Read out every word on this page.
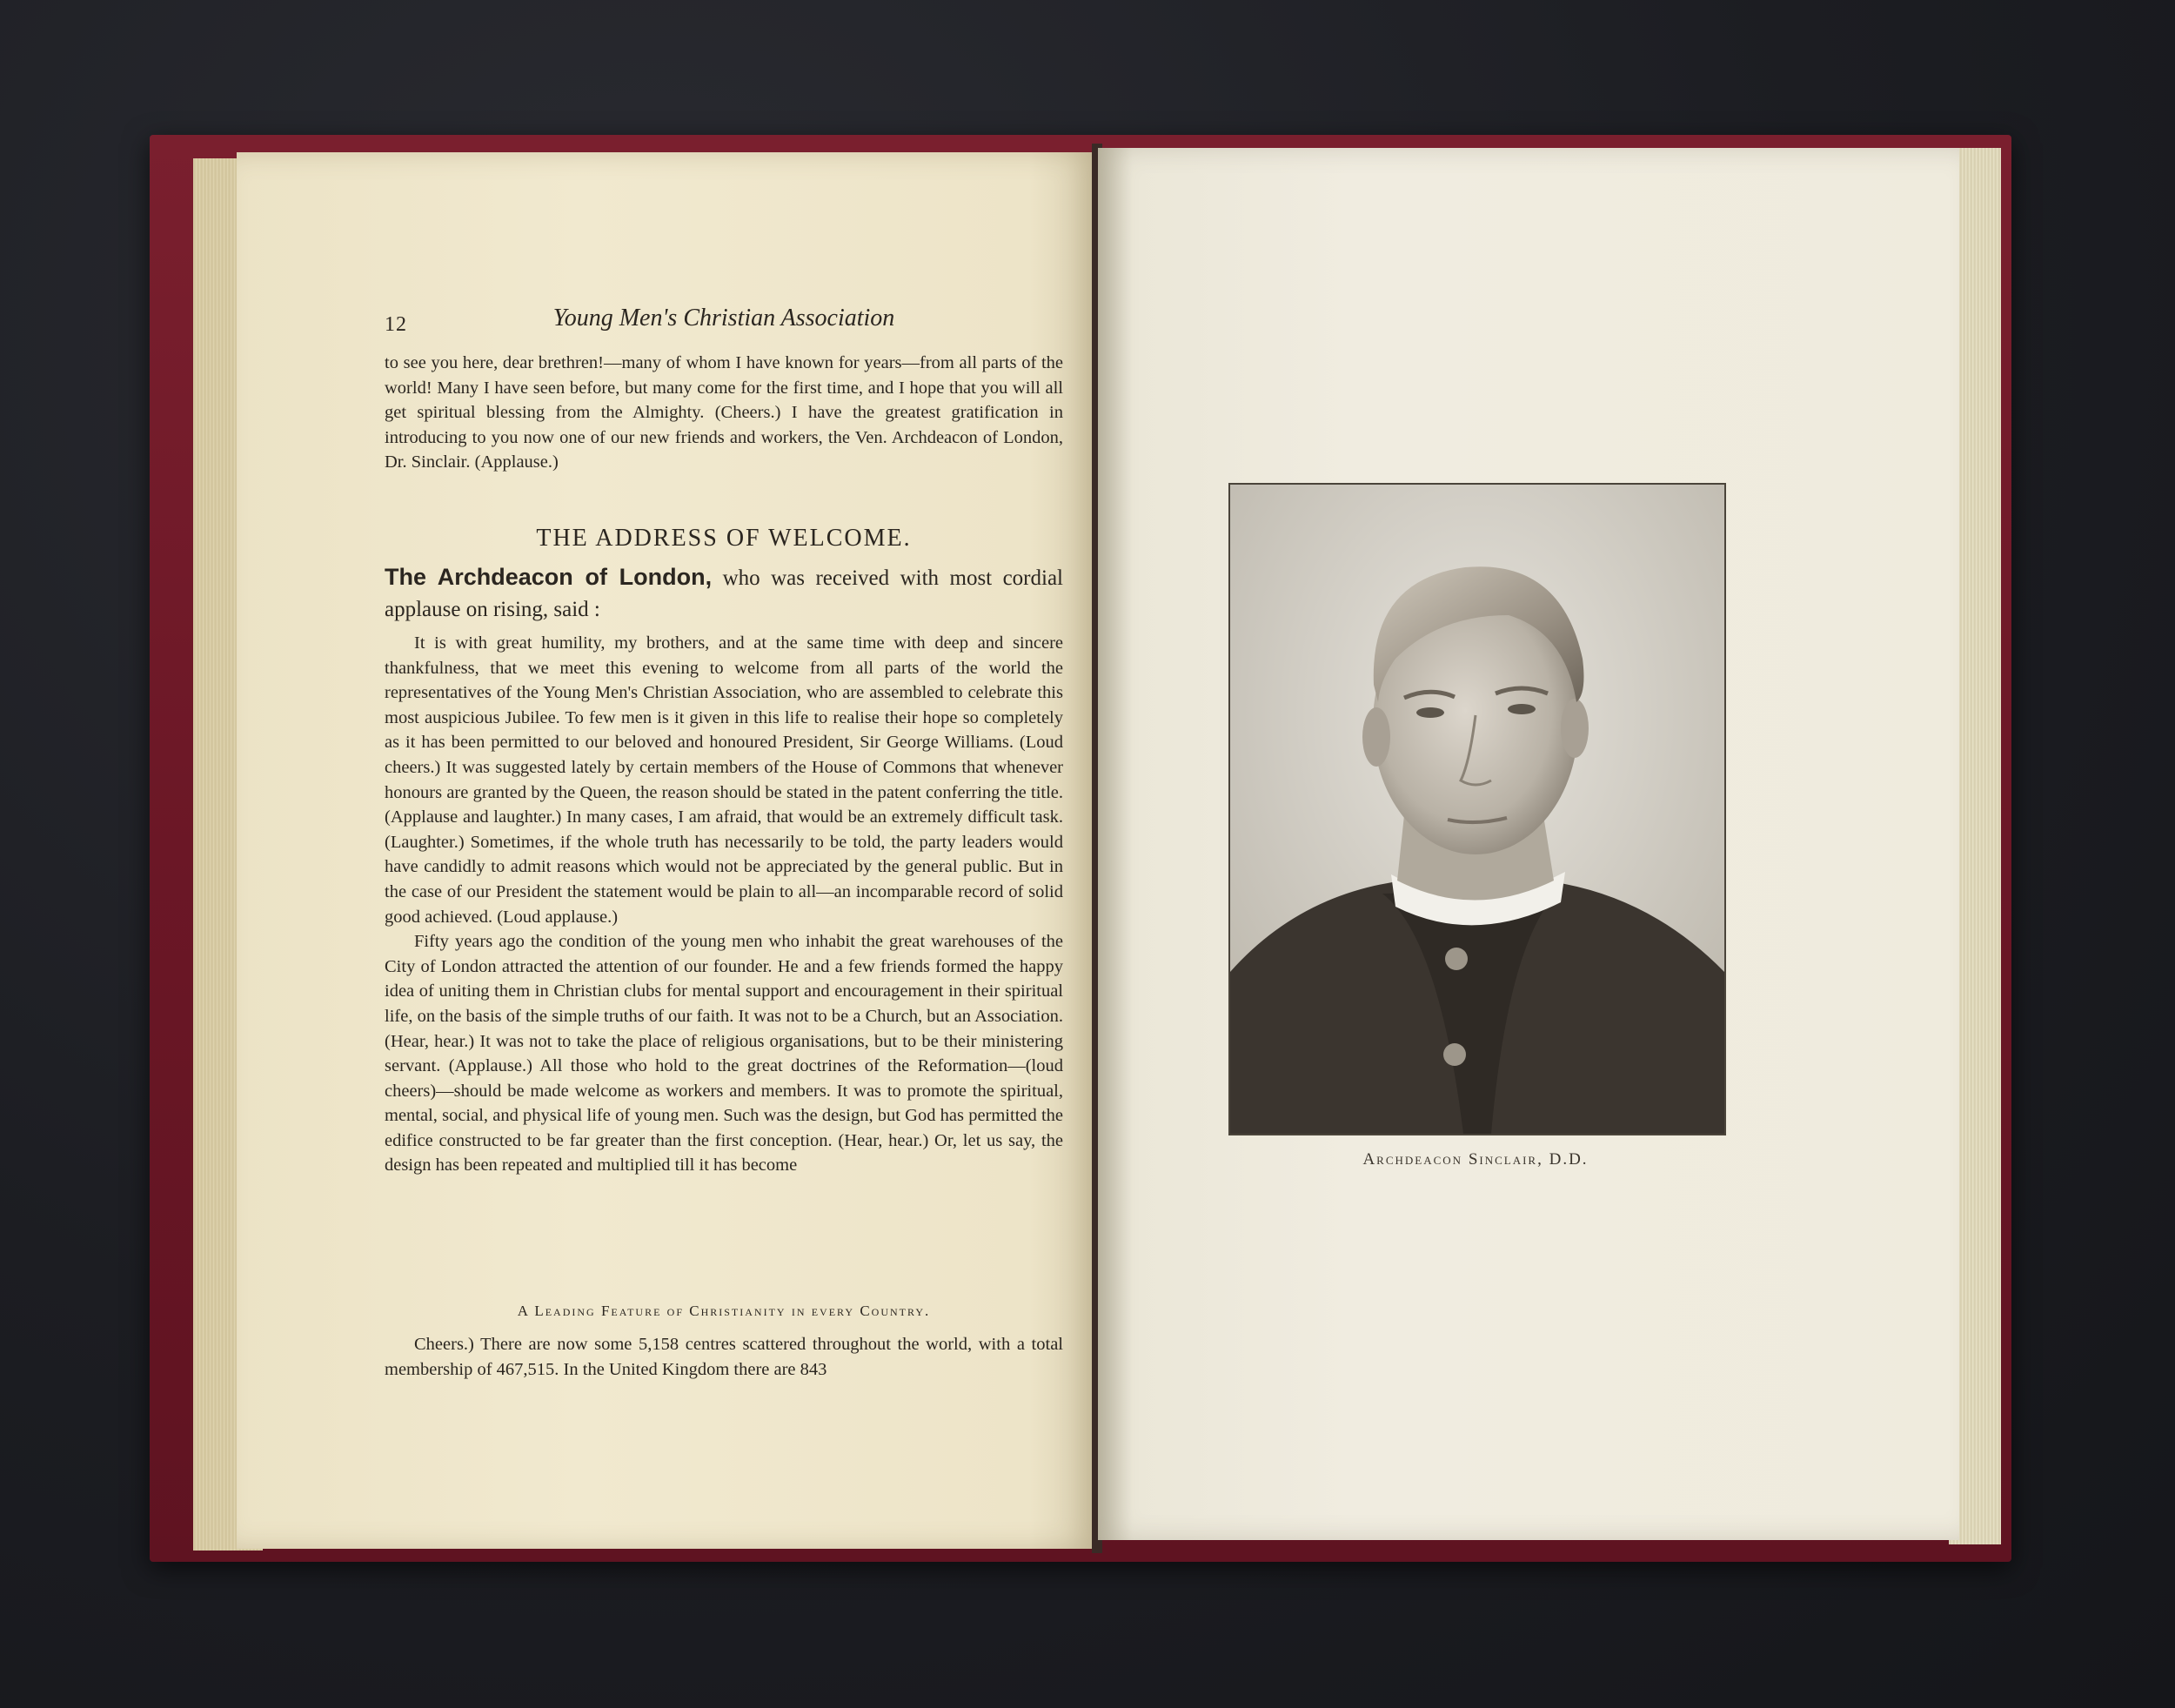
12	Young Men's Christian Association

to see you here, dear brethren!—many of whom I have known for years—from all parts of the world! Many I have seen before, but many come for the first time, and I hope that you will all get spiritual blessing from the Almighty. (Cheers.) I have the greatest gratification in introducing to you now one of our new friends and workers, the Ven. Archdeacon of London, Dr. Sinclair. (Applause.)

THE ADDRESS OF WELCOME.
The Archdeacon of London, who was received with most cordial applause on rising, said :

It is with great humility, my brothers, and at the same time with deep and sincere thankfulness, that we meet this evening to welcome from all parts of the world the representatives of the Young Men's Christian Association, who are assembled to celebrate this most auspicious Jubilee. To few men is it given in this life to realise their hope so completely as it has been permitted to our beloved and honoured President, Sir George Williams. (Loud cheers.) It was suggested lately by certain members of the House of Commons that whenever honours are granted by the Queen, the reason should be stated in the patent conferring the title. (Applause and laughter.) In many cases, I am afraid, that would be an extremely difficult task. (Laughter.) Sometimes, if the whole truth has necessarily to be told, the party leaders would have candidly to admit reasons which would not be appreciated by the general public. But in the case of our President the statement would be plain to all—an incomparable record of solid good achieved. (Loud applause.)

Fifty years ago the condition of the young men who inhabit the great warehouses of the City of London attracted the attention of our founder. He and a few friends formed the happy idea of uniting them in Christian clubs for mental support and encouragement in their spiritual life, on the basis of the simple truths of our faith. It was not to be a Church, but an Association. (Hear, hear.) It was not to take the place of religious organisations, but to be their ministering servant. (Applause.) All those who hold to the great doctrines of the Reformation—(loud cheers)—should be made welcome as workers and members. It was to promote the spiritual, mental, social, and physical life of young men. Such was the design, but God has permitted the edifice constructed to be far greater than the first conception. (Hear, hear.) Or, let us say, the design has been repeated and multiplied till it has become

A Leading Feature of Christianity in every Country.

Cheers.) There are now some 5,158 centres scattered throughout the world, with a total membership of 467,515. In the United Kingdom there are 843

Archdeacon Sinclair, D.D.
